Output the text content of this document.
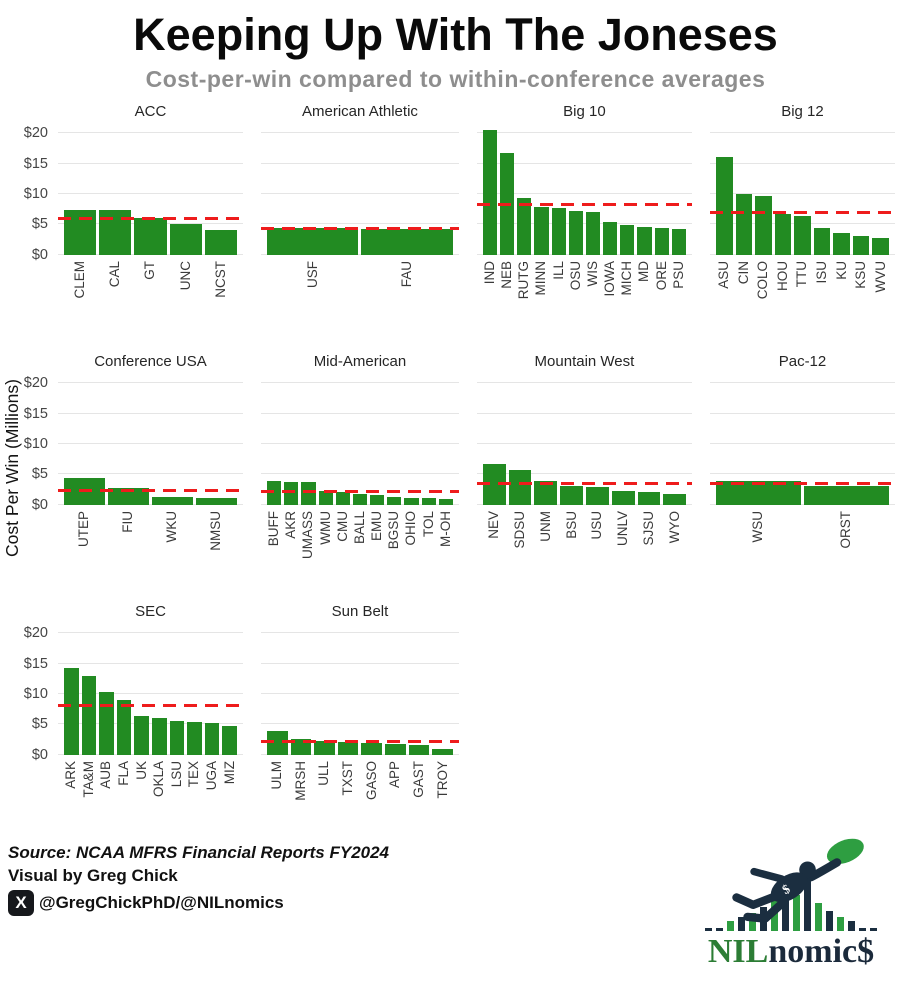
Keeping Up With The Joneses
Cost-per-win compared to within-conference averages
Cost Per Win (Millions)
ACC
$0
$5
$10
$15
$20
CLEM CAL GT UNC NCST
American Athletic
USF	FAU
Big 10
IND NEB RUTG MINN ILL OSU WIS IOWA MICH MD ORE PSU
Big 12
ASU CIN COLO HOU TTU ISU KU KSU WVU
Conference USA
$0
$5
$10
$15
$20
UTEP FIU WKU NMSU
Mid-American
BUFF AKR UMASS WMU CMU BALL EMU BGSU OHIO TOL M-OH
Mountain West
NEV SDSU UNM BSU USU UNLV SJSU WYO
Pac-12
WSU	ORST
SEC
$0
$5
$10
$15
$20
ARK TA&M AUB FLA UK OKLA LSU TEX UGA MIZ
Sun Belt
ULM MRSH ULL TXST GASO APP GAST TROY
Source: NCAA MFRS Financial Reports FY2024
Visual by Greg Chick
X @GregChickPhD/@NILnomics
$
NILnomic$
